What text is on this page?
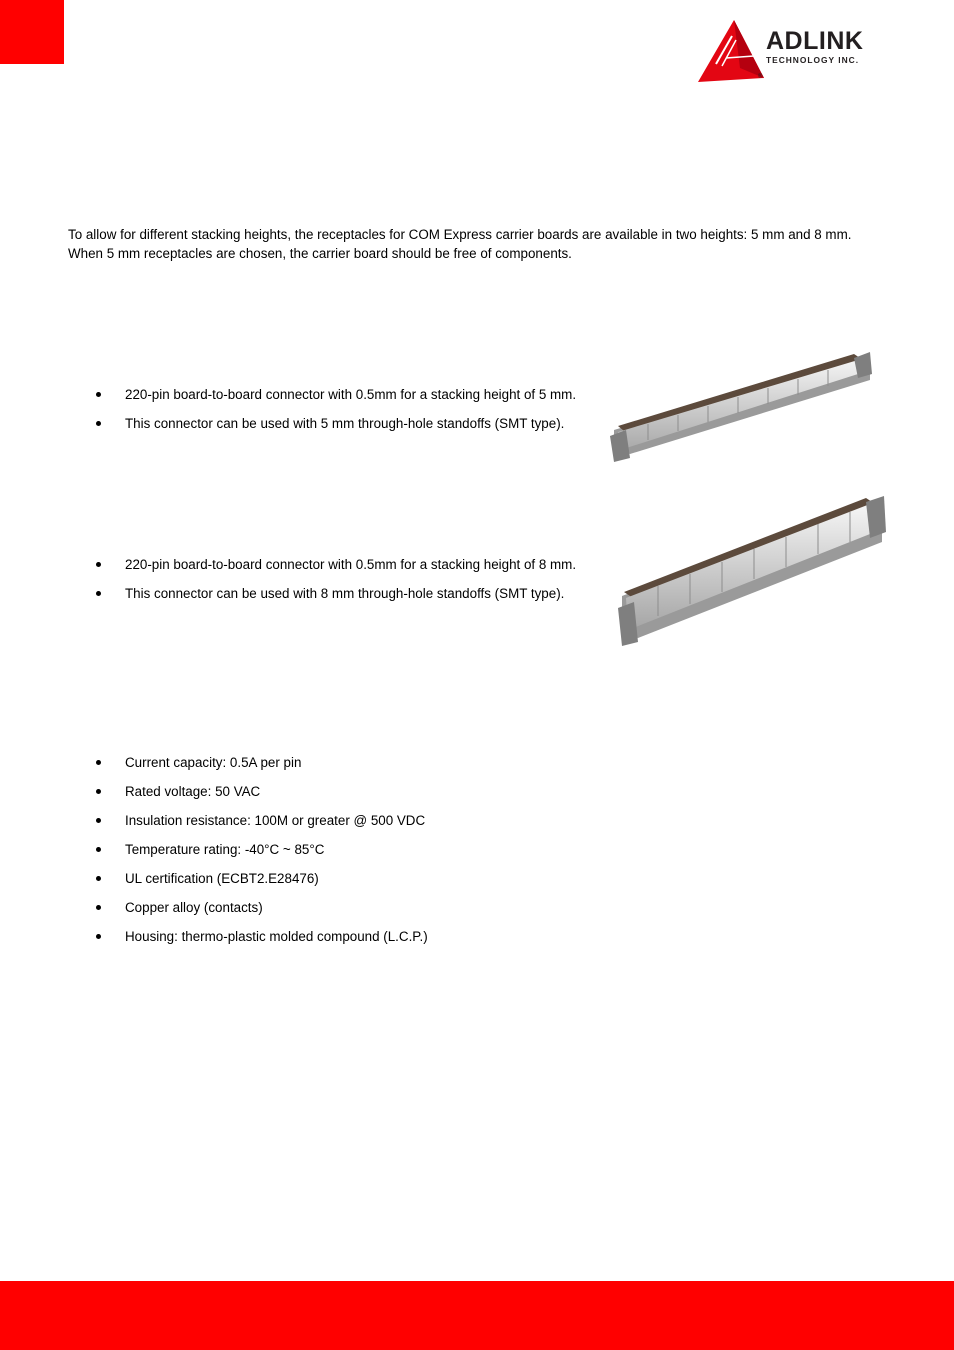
ADLINK
TECHNOLOGY INC.
®

To allow for different stacking heights, the receptacles for COM Express carrier boards are available in two heights: 5 mm and 8 mm. When 5 mm receptacles are chosen, the carrier board should be free of components.

220-pin board-to-board connector with 0.5mm for a stacking height of 5 mm.
This connector can be used with 5 mm through-hole standoffs (SMT type).
220-pin board-to-board connector with 0.5mm for a stacking height of 8 mm.
This connector can be used with 8 mm through-hole standoffs (SMT type).
Current capacity: 0.5A per pin
Rated voltage: 50 VAC
Insulation resistance: 100M or greater @ 500 VDC
Temperature rating: -40°C ~ 85°C
UL certification (ECBT2.E28476)
Copper alloy (contacts)
Housing: thermo-plastic molded compound (L.C.P.)
